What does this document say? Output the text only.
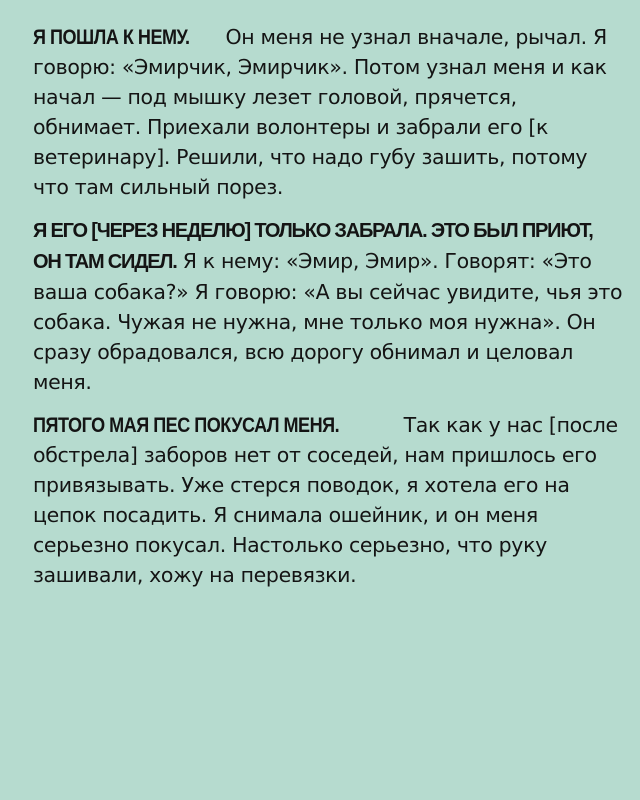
Я ПОШЛА К НЕМУ. Он меня не узнал вначале, рычал. Я говорю: «Эмирчик, Эмирчик». Потом узнал меня и как начал — под мышку лезет головой, прячется, обнимает. Приехали волонтеры и забрали его [к ветеринару]. Решили, что надо губу зашить, потому что там сильный порез.

Я ЕГО [ЧЕРЕЗ НЕДЕЛЮ] ТОЛЬКО ЗАБРАЛА. ЭТО БЫЛ ПРИЮТ, ОН ТАМ СИДЕЛ. Я к нему: «Эмир, Эмир». Говорят: «Это ваша собака?» Я говорю: «А вы сейчас увидите, чья это собака. Чужая не нужна, мне только моя нужна». Он сразу обрадовался, всю дорогу обнимал и целовал меня.

ПЯТОГО МАЯ ПЕС ПОКУСАЛ МЕНЯ.	Так как у нас [после обстрела] заборов нет от соседей, нам пришлось его привязывать. Уже стерся поводок, я хотела его на цепок посадить. Я снимала ошейник, и он меня серьезно покусал. Настолько серьезно, что руку зашивали, хожу на перевязки.
